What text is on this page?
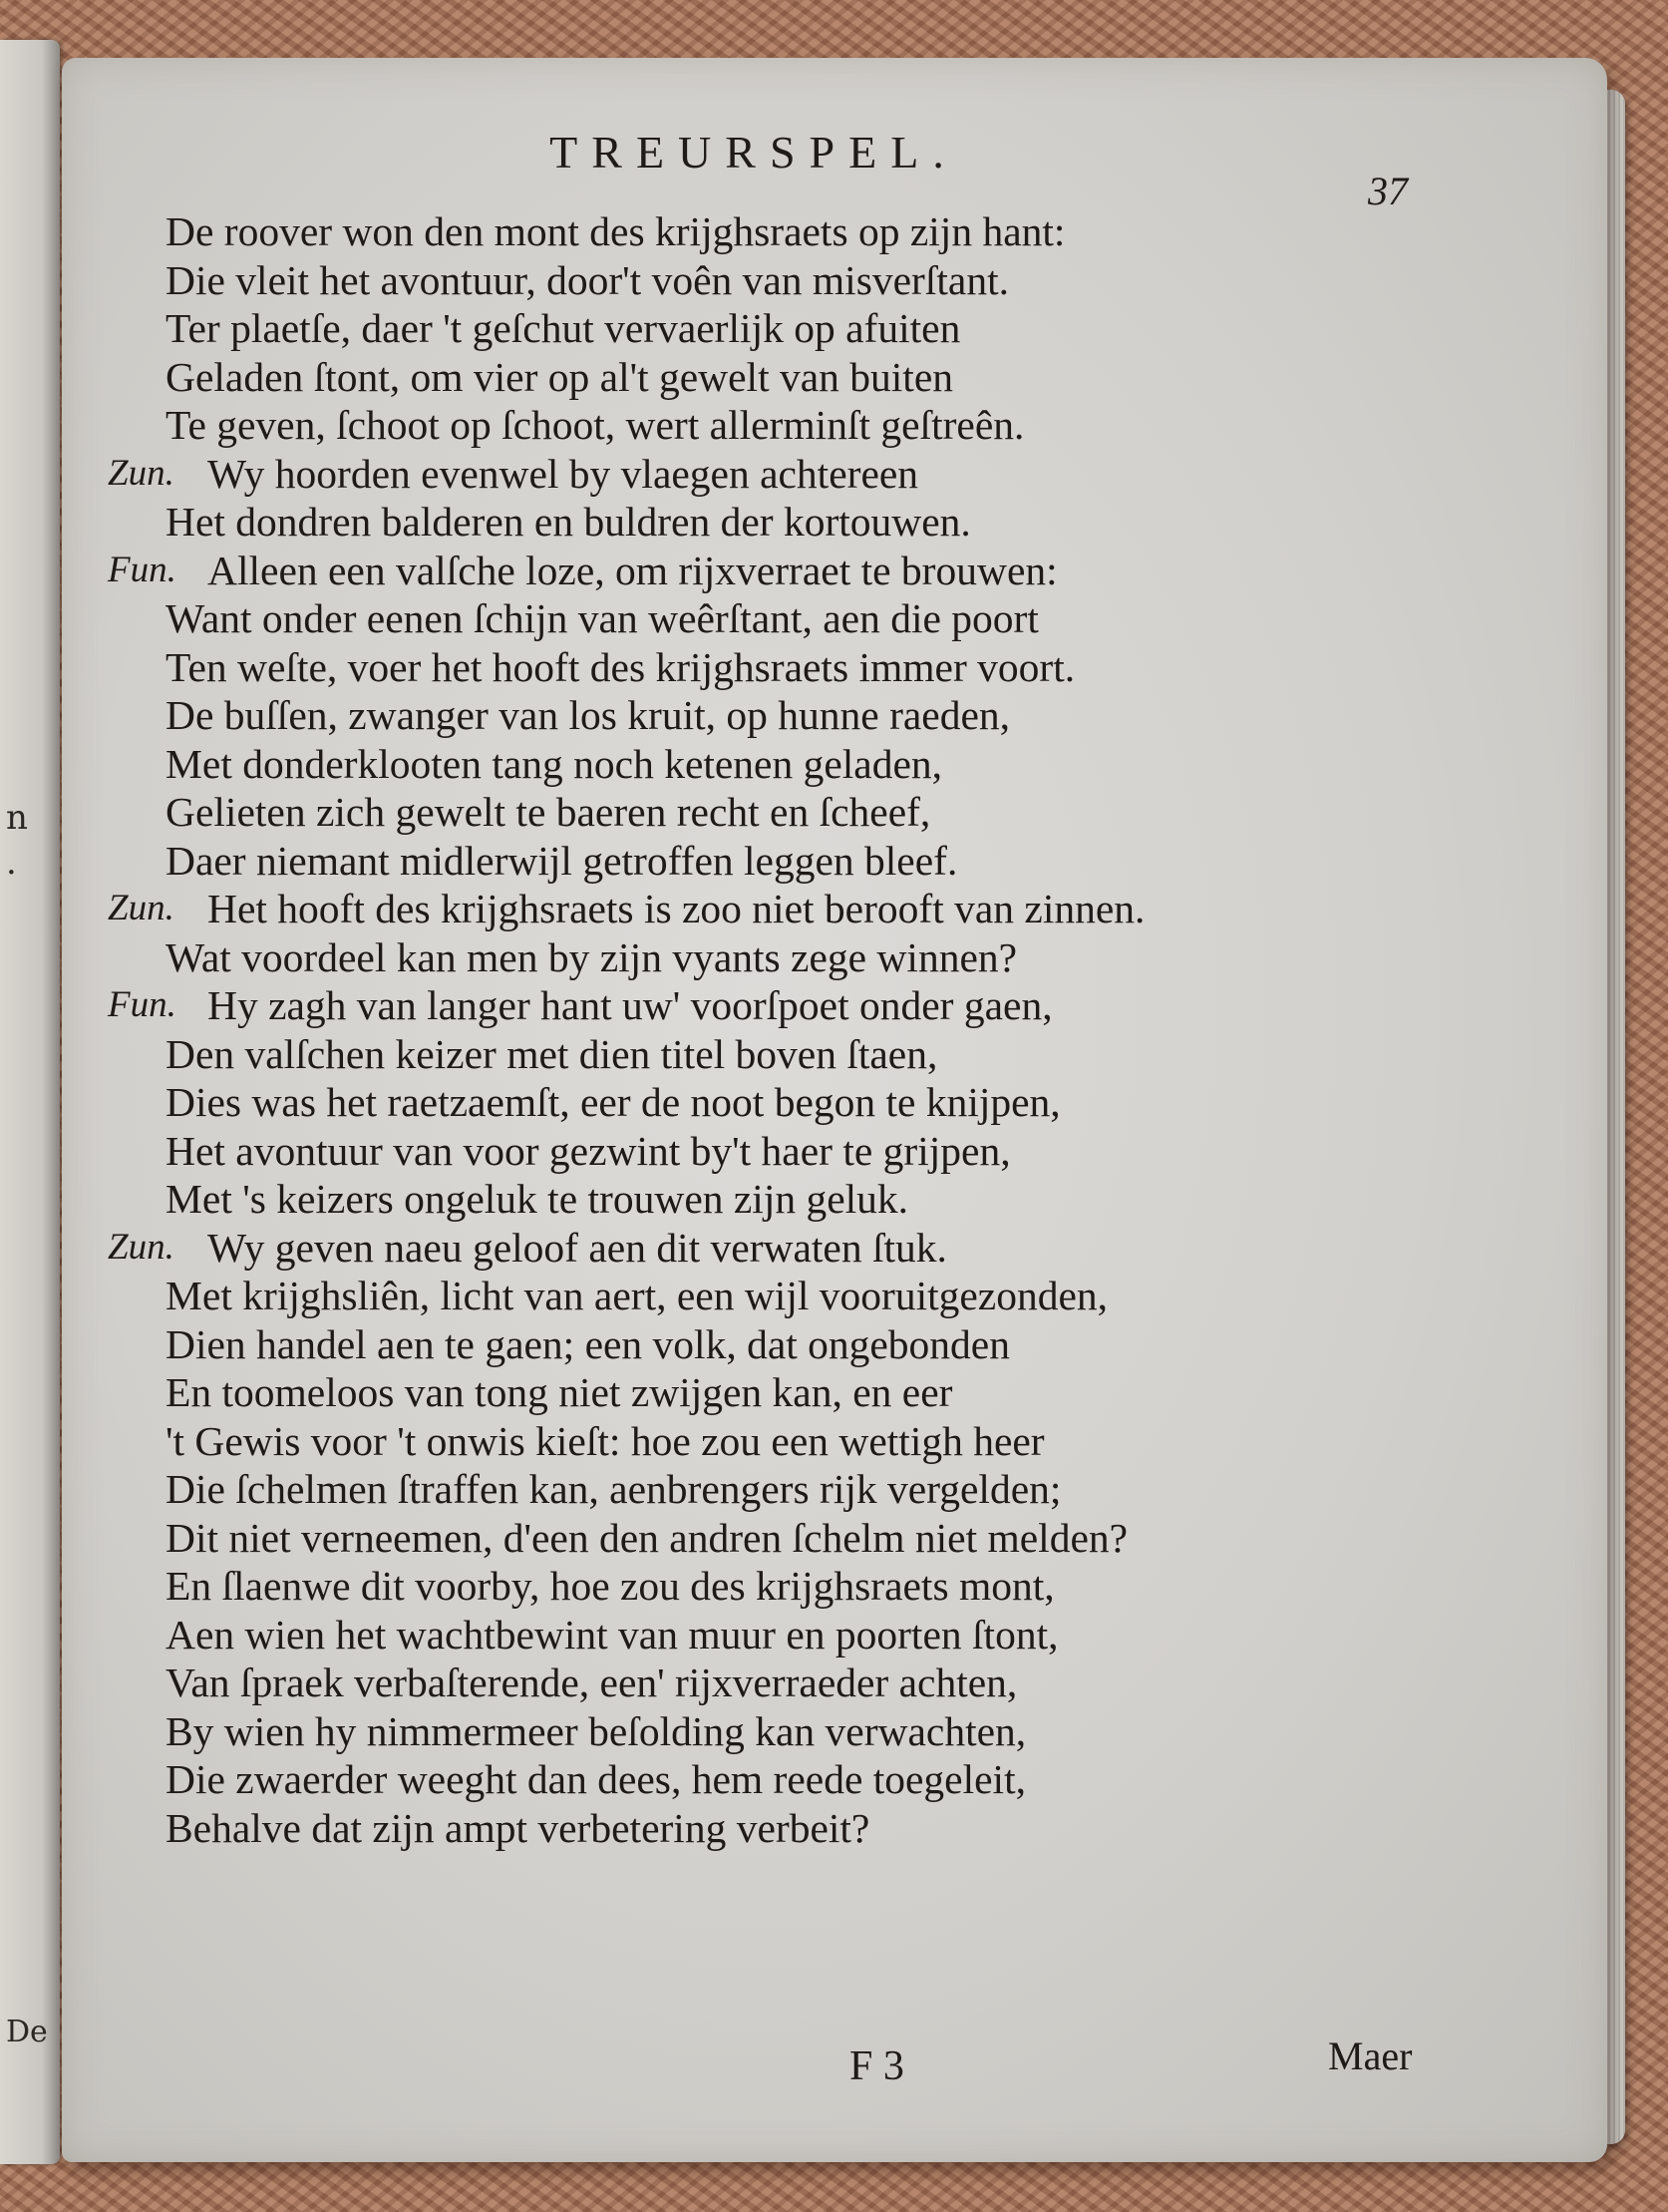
n
·
De
TREURSPEL.
37
De roover won den mont des krijghsraets op zijn hant:
Die vleit het avontuur, door't voên van misverſtant.
Ter plaetſe, daer 't geſchut vervaerlijk op afuiten
Geladen ſtont, om vier op al't gewelt van buiten
Te geven, ſchoot op ſchoot, wert allerminſt geſtreên.
Zun. Wy hoorden evenwel by vlaegen achtereen
Het dondren balderen en buldren der kortouwen.
Fun. Alleen een valſche loze, om rijxverraet te brouwen:
Want onder eenen ſchijn van weêrſtant, aen die poort
Ten weſte, voer het hooft des krijghsraets immer voort.
De buſſen, zwanger van los kruit, op hunne raeden,
Met donderklooten tang noch ketenen geladen,
Gelieten zich gewelt te baeren recht en ſcheef,
Daer niemant midlerwijl getroffen leggen bleef.
Zun. Het hooft des krijghsraets is zoo niet berooft van zinnen.
Wat voordeel kan men by zijn vyants zege winnen?
Fun. Hy zagh van langer hant uw' voorſpoet onder gaen,
Den valſchen keizer met dien titel boven ſtaen,
Dies was het raetzaemſt, eer de noot begon te knijpen,
Het avontuur van voor gezwint by't haer te grijpen,
Met 's keizers ongeluk te trouwen zijn geluk.
Zun. Wy geven naeu geloof aen dit verwaten ſtuk.
Met krijghsliên, licht van aert, een wijl vooruitgezonden,
Dien handel aen te gaen; een volk, dat ongebonden
En toomeloos van tong niet zwijgen kan, en eer
't Gewis voor 't onwis kieſt: hoe zou een wettigh heer
Die ſchelmen ſtraffen kan, aenbrengers rijk vergelden;
Dit niet verneemen, d'een den andren ſchelm niet melden?
En ſlaenwe dit voorby, hoe zou des krijghsraets mont,
Aen wien het wachtbewint van muur en poorten ſtont,
Van ſpraek verbaſterende, een' rijxverraeder achten,
By wien hy nimmermeer beſolding kan verwachten,
Die zwaerder weeght dan dees, hem reede toegeleit,
Behalve dat zijn ampt verbetering verbeit?
F 3	Maer
